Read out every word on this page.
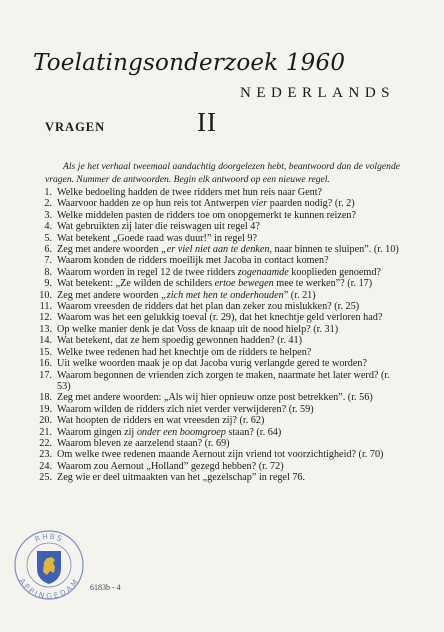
Toelatingsonderzoek 1960
NEDERLANDS
VRAGEN	II

Als je het verhaal tweemaal aandachtig doorgelezen hebt, beantwoord dan de volgende vragen. Nummer de antwoorden. Begin elk antwoord op een nieuwe regel.

1. Welke bedoeling hadden de twee ridders met hun reis naar Gent?
2. Waarvoor hadden ze op hun reis tot Antwerpen vier paarden nodig? (r. 2)
3. Welke middelen pasten de ridders toe om onopgemerkt te kunnen reizen?
4. Wat gebruikten zij later die reiswagen uit regel 4?
5. Wat betekent „Goede raad was duur!” in regel 9?
6. Zeg met andere woorden „er viel niet aan te denken, naar binnen te sluipen”. (r. 10)
7. Waarom konden de ridders moeilijk met Jacoba in contact komen?
8. Waarom worden in regel 12 de twee ridders zogenaamde kooplieden genoemd?
9. Wat betekent: „Ze wilden de schilders ertoe bewegen mee te werken”? (r. 17)
10. Zeg met andere woorden „zich met hen te onderhouden” (r. 21)
11. Waarom vreesden de ridders dat het plan dan zeker zou mislukken? (r. 25)
12. Waarom was het een gelukkig toeval (r. 29), dat het knechtje geld verloren had?
13. Op welke manier denk je dat Voss de knaap uit de nood hielp? (r. 31)
14. Wat betekent, dat ze hem spoedig gewonnen hadden? (r. 41)
15. Welke twee redenen had het knechtje om de ridders te helpen?
16. Uit welke woorden maak je op dat Jacoba vurig verlangde gered te worden?
17. Waarom begonnen de vrienden zich zorgen te maken, naarmate het later werd? (r. 53)
18. Zeg met andere woorden: „Als wij hier opnieuw onze post betrekken”. (r. 56)
19. Waarom wilden de ridders zich niet verder verwijderen? (r. 59)
20. Wat hoopten de ridders en wat vreesden zij? (r. 62)
21. Waarom gingen zij onder een boomgroep staan? (r. 64)
22. Waarom bleven ze aarzelend staan? (r. 69)
23. Om welke twee redenen maande Aernout zijn vriend tot voorzichtigheid? (r. 70)
24. Waarom zou Aernout „Holland” gezegd hebben? (r. 72)
25. Zeg wie er deel uitmaakten van het „gezelschap” in regel 76.
RHBS
APPINGEDAM 6183b - 4
